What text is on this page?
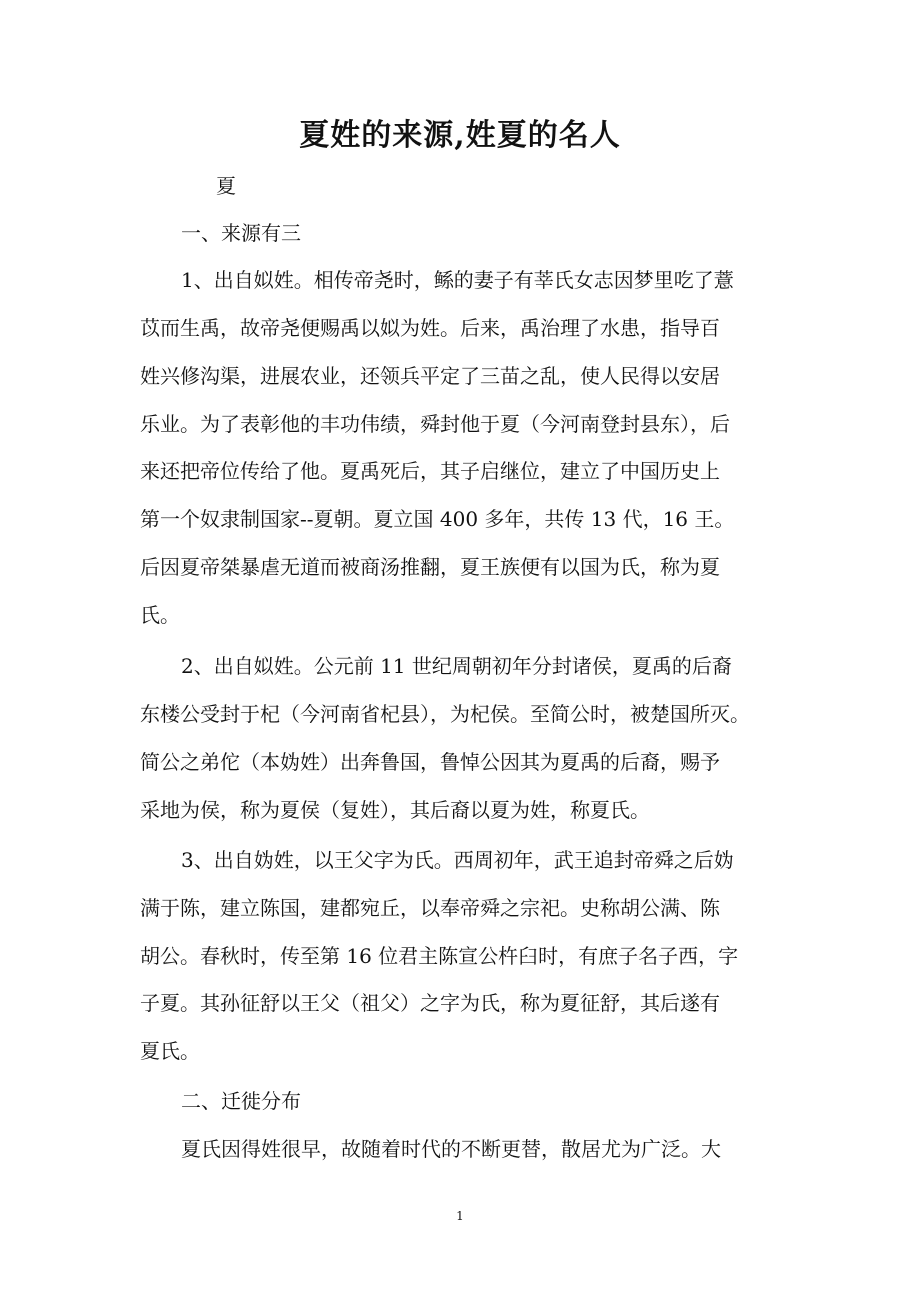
夏姓的来源,姓夏的名人
夏
一、来源有三
1、出自姒姓。相传帝尧时，鲧的妻子有莘氏女志因梦里吃了薏
苡而生禹，故帝尧便赐禹以姒为姓。后来，禹治理了水患，指导百
姓兴修沟渠，进展农业，还领兵平定了三苗之乱，使人民得以安居
乐业。为了表彰他的丰功伟绩，舜封他于夏（今河南登封县东），后
来还把帝位传给了他。夏禹死后，其子启继位，建立了中国历史上
第一个奴隶制国家--夏朝。夏立国 400 多年，共传 13 代，16 王。
后因夏帝桀暴虐无道而被商汤推翻，夏王族便有以国为氏，称为夏
氏。
2、出自姒姓。公元前 11 世纪周朝初年分封诸侯，夏禹的后裔
东楼公受封于杞（今河南省杞县），为杞侯。至简公时，被楚国所灭。
简公之弟佗（本妫姓）出奔鲁国，鲁悼公因其为夏禹的后裔，赐予
采地为侯，称为夏侯（复姓），其后裔以夏为姓，称夏氏。
3、出自妫姓，以王父字为氏。西周初年，武王追封帝舜之后妫
满于陈，建立陈国，建都宛丘，以奉帝舜之宗祀。史称胡公满、陈
胡公。春秋时，传至第 16 位君主陈宣公杵臼时，有庶子名子西，字
子夏。其孙征舒以王父（祖父）之字为氏，称为夏征舒，其后遂有
夏氏。
二、迁徙分布
夏氏因得姓很早，故随着时代的不断更替，散居尤为广泛。大
1
